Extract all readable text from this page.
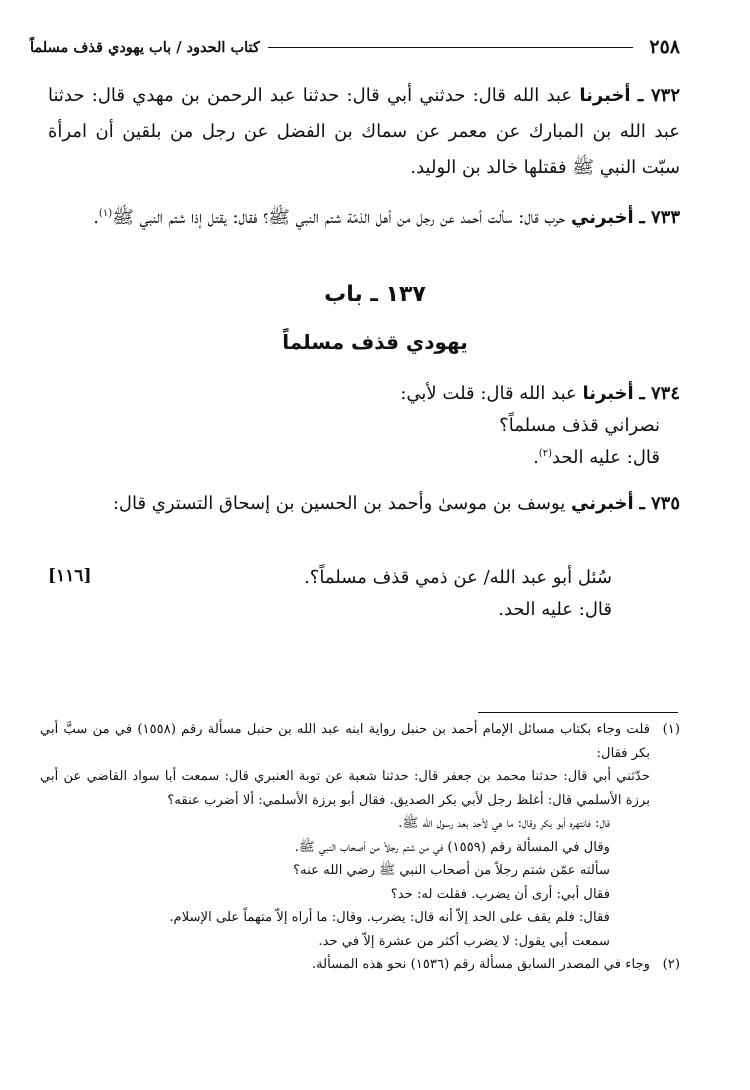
٢٥٨
كتاب الحدود / باب يهودي قذف مسلماً

٧٣٢ ـ أخبرنا عبد الله قال: حدثني أبي قال: حدثنا عبد الرحمن بن مهدي قال: حدثنا عبد الله بن المبارك عن معمر عن سماك بن الفضل عن رجل من بلقين أن امرأة سبّت النبي ﷺ فقتلها خالد بن الوليد.

٧٣٣ ـ أخبرني حرب قال: سألت أحمد عن رجل من أهل الذمّة شتم النبي ﷺ؟ فقال: يقتل إذا شتم النبي ﷺ$^{(١)}$.

١٣٧ ـ باب
يهودي قذف مسلماً

٧٣٤ ـ أخبرنا عبد الله قال: قلت لأبي:

نصراني قذف مسلماً؟

قال: عليه الحد$^{(٢)}$.

٧٣٥ ـ أخبرني يوسف بن موسىٰ وأحمد بن الحسين بن إسحاق التستري قال:
[١١٦]	سُئل أبو عبد الله/ عن ذمي قذف مسلماً؟.

قال: عليه الحد.

(١)

قلت وجاء بكتاب مسائل الإمام أحمد بن حنبل رواية ابنه عبد الله بن حنبل مسألة رقم (١٥٥٨) في من سبَّ أبي بكر فقال:

حدّثني أبي قال: حدثنا محمد بن جعفر قال: حدثنا شعبة عن توبة العنبري قال: سمعت أبا سواد القاضي عن أبي برزة الأسلمي قال: أغلظ رجل لأبي بكر الصديق. فقال أبو برزة الأسلمي: ألا أضرب عنقه؟

قال: فانتهره أبو بكر وقال: ما هي لأحد بعد رسول الله ﷺ.

وقال في المسألة رقم (١٥٥٩) في من شتم رجلاً من أصحاب النبي ﷺ.

سألته عمّن شتم رجلاً من أصحاب النبي ﷺ رضي الله عنه؟

فقال أبي: أرى أن يضرب. فقلت له: حد؟

فقال: فلم يقف على الحد إلاّ أنه قال: يضرب. وقال: ما أراه إلاّ متهماً على الإسلام.

سمعت أبي يقول: لا يضرب أكثر من عشرة إلاّ في حد.

(٢)

وجاء في المصدر السابق مسألة رقم (١٥٣٦) نحو هذه المسألة.
